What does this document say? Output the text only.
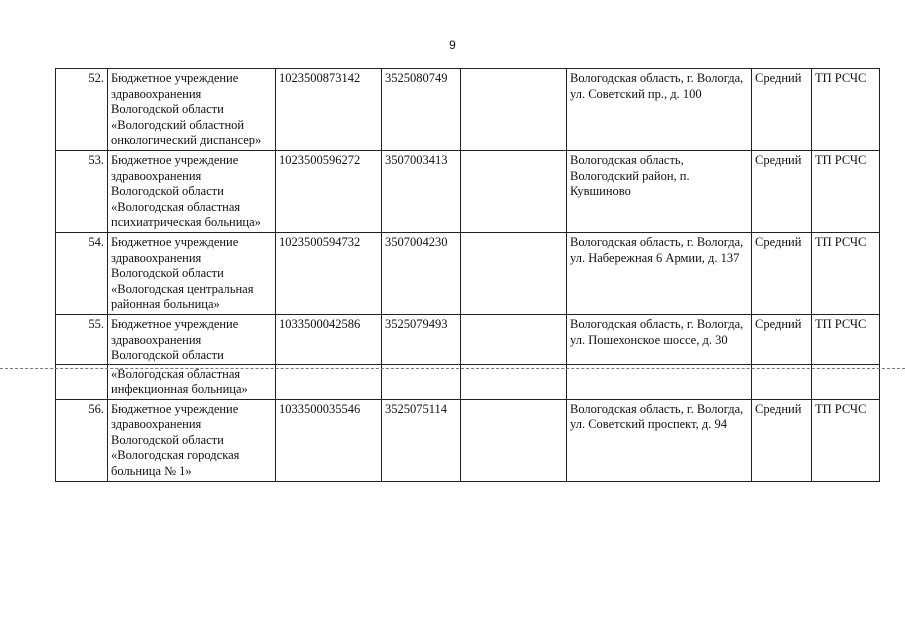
9
52.	Бюджетное учреждение здравоохранения Вологодской области «Вологодский областной онкологический диспансер»	1023500873142	3525080749		Вологодская область, г. Вологда, ул. Советский пр., д. 100	Средний	ТП РСЧС
53.	Бюджетное учреждение здравоохранения Вологодской области «Вологодская областная психиатрическая больница»	1023500596272	3507003413		Вологодская область, Вологодский район, п. Кувшиново	Средний	ТП РСЧС
54.	Бюджетное учреждение здравоохранения Вологодской области «Вологодская центральная районная больница»	1023500594732	3507004230		Вологодская область, г. Вологда, ул. Набережная 6 Армии, д. 137	Средний	ТП РСЧС
55.	Бюджетное учреждение здравоохранения Вологодской области	1033500042586	3525079493		Вологодская область, г. Вологда, ул. Пошехонское шоссе, д. 30	Средний	ТП РСЧС
	«Вологодская областная инфекционная больница»						
56.	Бюджетное учреждение здравоохранения Вологодской области «Вологодская городская больница № 1»	1033500035546	3525075114		Вологодская область, г. Вологда, ул. Советский проспект, д. 94	Средний	ТП РСЧС
